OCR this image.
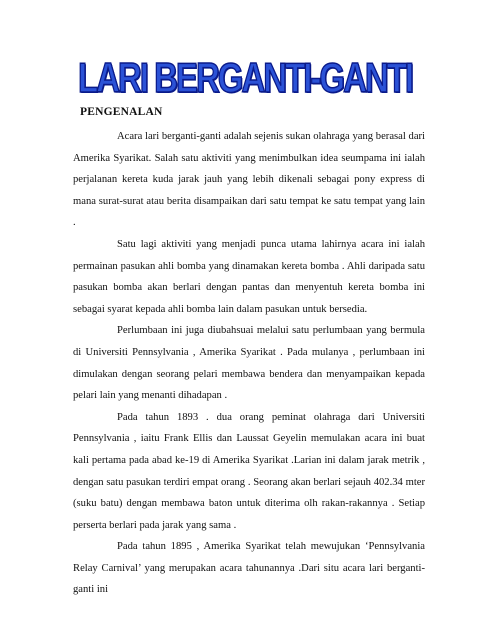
LARI BERGANTI-GANTI
PENGENALAN

Acara lari berganti-ganti adalah sejenis sukan olahraga yang berasal dari Amerika Syarikat. Salah satu aktiviti yang menimbulkan idea seumpama ini ialah perjalanan kereta kuda jarak jauh yang lebih dikenali sebagai pony express di mana surat-surat atau berita disampaikan dari satu tempat ke satu tempat yang lain .

Satu lagi aktiviti yang menjadi punca utama lahirnya acara ini ialah permainan pasukan ahli bomba yang dinamakan kereta bomba . Ahli daripada satu pasukan bomba akan berlari dengan pantas dan menyentuh kereta bomba ini sebagai syarat kepada ahli bomba lain dalam pasukan untuk bersedia.

Perlumbaan ini juga diubahsuai melalui satu perlumbaan yang bermula di Universiti Pennsylvania , Amerika Syarikat . Pada mulanya , perlumbaan ini dimulakan dengan seorang pelari membawa bendera dan menyampaikan kepada pelari lain yang menanti dihadapan .

Pada tahun 1893 . dua orang peminat olahraga dari Universiti Pennsylvania , iaitu Frank Ellis dan Laussat Geyelin memulakan acara ini buat kali pertama pada abad ke-19 di Amerika Syarikat .Larian ini dalam jarak metrik , dengan satu pasukan terdiri empat orang . Seorang akan berlari sejauh 402.34 mter (suku batu) dengan membawa baton untuk diterima olh rakan-rakannya . Setiap perserta berlari pada jarak yang sama .

Pada tahun 1895 , Amerika Syarikat telah mewujukan ‘Pennsylvania Relay Carnival’ yang merupakan acara tahunannya .Dari situ acara lari berganti-ganti ini
